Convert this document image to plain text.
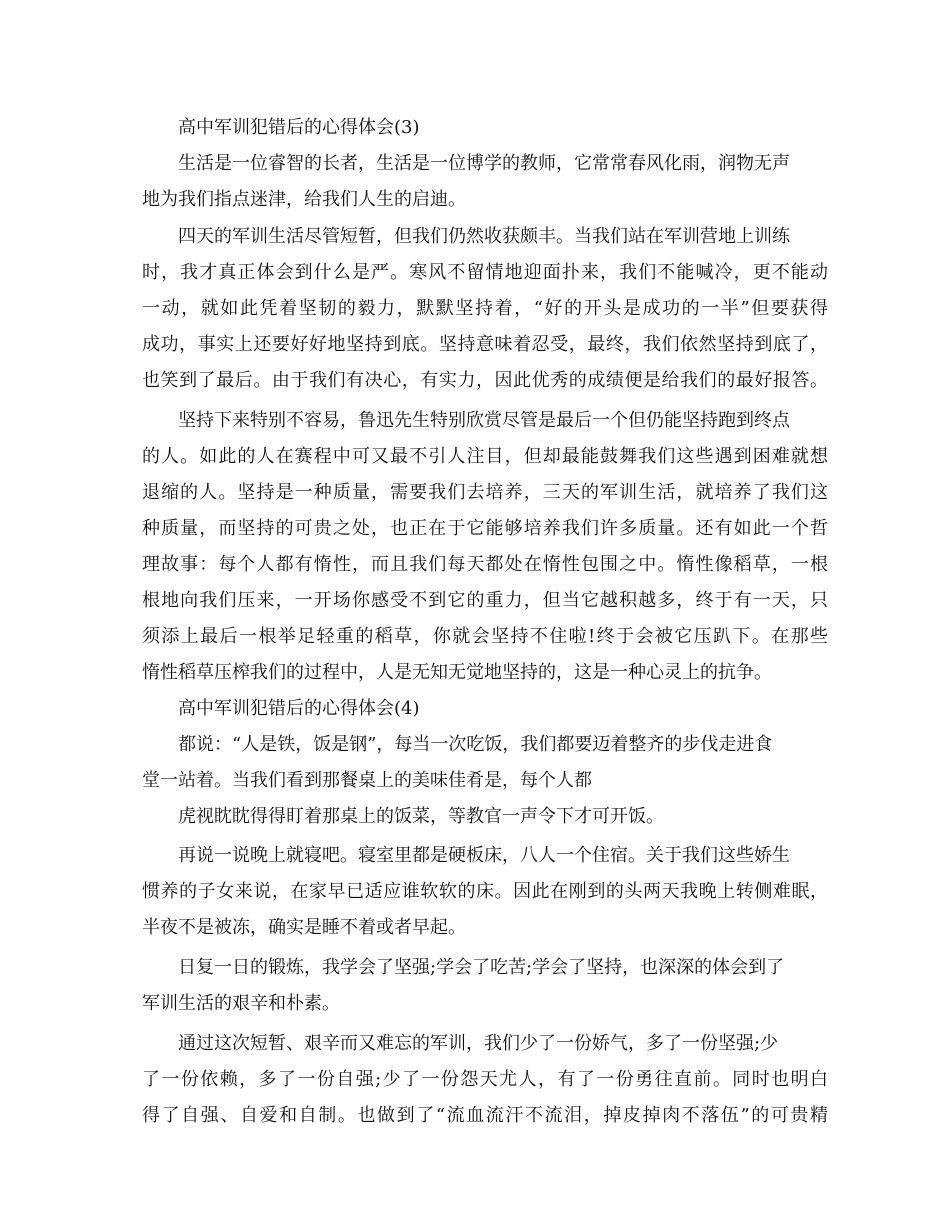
高中军训犯错后的心得体会(3)
生活是一位睿智的长者，生活是一位博学的教师，它常常春风化雨，润物无声
地为我们指点迷津，给我们人生的启迪。
四天的军训生活尽管短暂，但我们仍然收获颇丰。当我们站在军训营地上训练
时，我才真正体会到什么是严。寒风不留情地迎面扑来，我们不能喊冷，更不能动
一动，就如此凭着坚韧的毅力，默默坚持着，“好的开头是成功的一半”但要获得
成功，事实上还要好好地坚持到底。坚持意味着忍受，最终，我们依然坚持到底了，
也笑到了最后。由于我们有决心，有实力，因此优秀的成绩便是给我们的最好报答。
坚持下来特别不容易，鲁迅先生特别欣赏尽管是最后一个但仍能坚持跑到终点
的人。如此的人在赛程中可又最不引人注目，但却最能鼓舞我们这些遇到困难就想
退缩的人。坚持是一种质量，需要我们去培养，三天的军训生活，就培养了我们这
种质量，而坚持的可贵之处，也正在于它能够培养我们许多质量。还有如此一个哲
理故事：每个人都有惰性，而且我们每天都处在惰性包围之中。惰性像稻草，一根
根地向我们压来，一开场你感受不到它的重力，但当它越积越多，终于有一天，只
须添上最后一根举足轻重的稻草，你就会坚持不住啦!终于会被它压趴下。在那些
惰性稻草压榨我们的过程中，人是无知无觉地坚持的，这是一种心灵上的抗争。
高中军训犯错后的心得体会(4)
都说：“人是铁，饭是钢”，每当一次吃饭，我们都要迈着整齐的步伐走进食
堂一站着。当我们看到那餐桌上的美味佳肴是，每个人都
虎视眈眈得得盯着那桌上的饭菜，等教官一声令下才可开饭。
再说一说晚上就寝吧。寝室里都是硬板床，八人一个住宿。关于我们这些娇生
惯养的子女来说，在家早已适应谁软软的床。因此在刚到的头两天我晚上转侧难眠，
半夜不是被冻，确实是睡不着或者早起。
日复一日的锻炼，我学会了坚强;学会了吃苦;学会了坚持，也深深的体会到了
军训生活的艰辛和朴素。
通过这次短暂、艰辛而又难忘的军训，我们少了一份娇气，多了一份坚强;少
了一份依赖，多了一份自强;少了一份怨天尤人，有了一份勇往直前。同时也明白
得了自强、自爱和自制。也做到了“流血流汗不流泪，掉皮掉肉不落伍”的可贵精
